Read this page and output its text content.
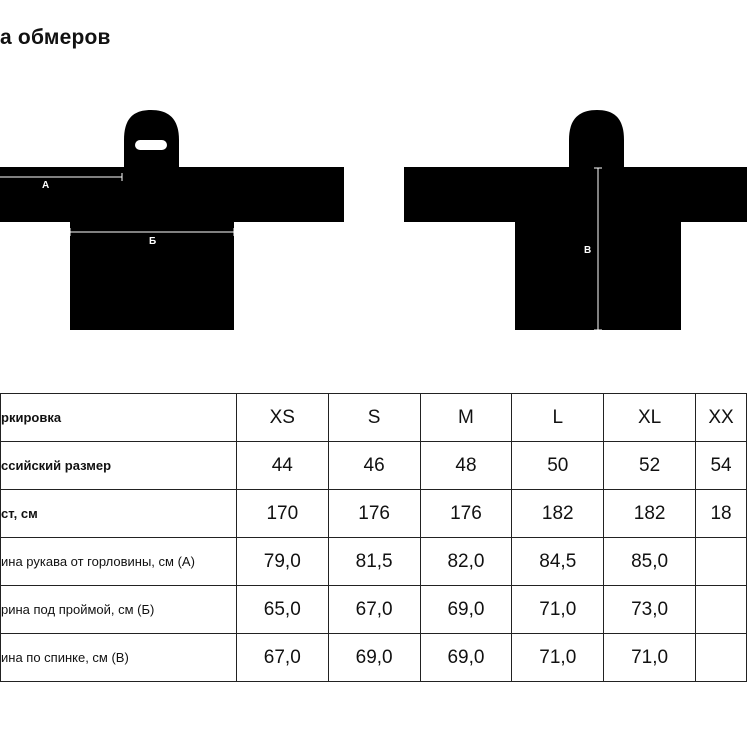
а обмеров
А
Б
В
ркировка	XS	S	M	L	XL	XX
ссийский размер	44	46	48	50	52	54
ст, см	170	176	176	182	182	18
ина рукава от горловины, см (А)	79,0	81,5	82,0	84,5	85,0	
рина под проймой, см (Б)	65,0	67,0	69,0	71,0	73,0	
ина по спинке, см (В)	67,0	69,0	69,0	71,0	71,0	
